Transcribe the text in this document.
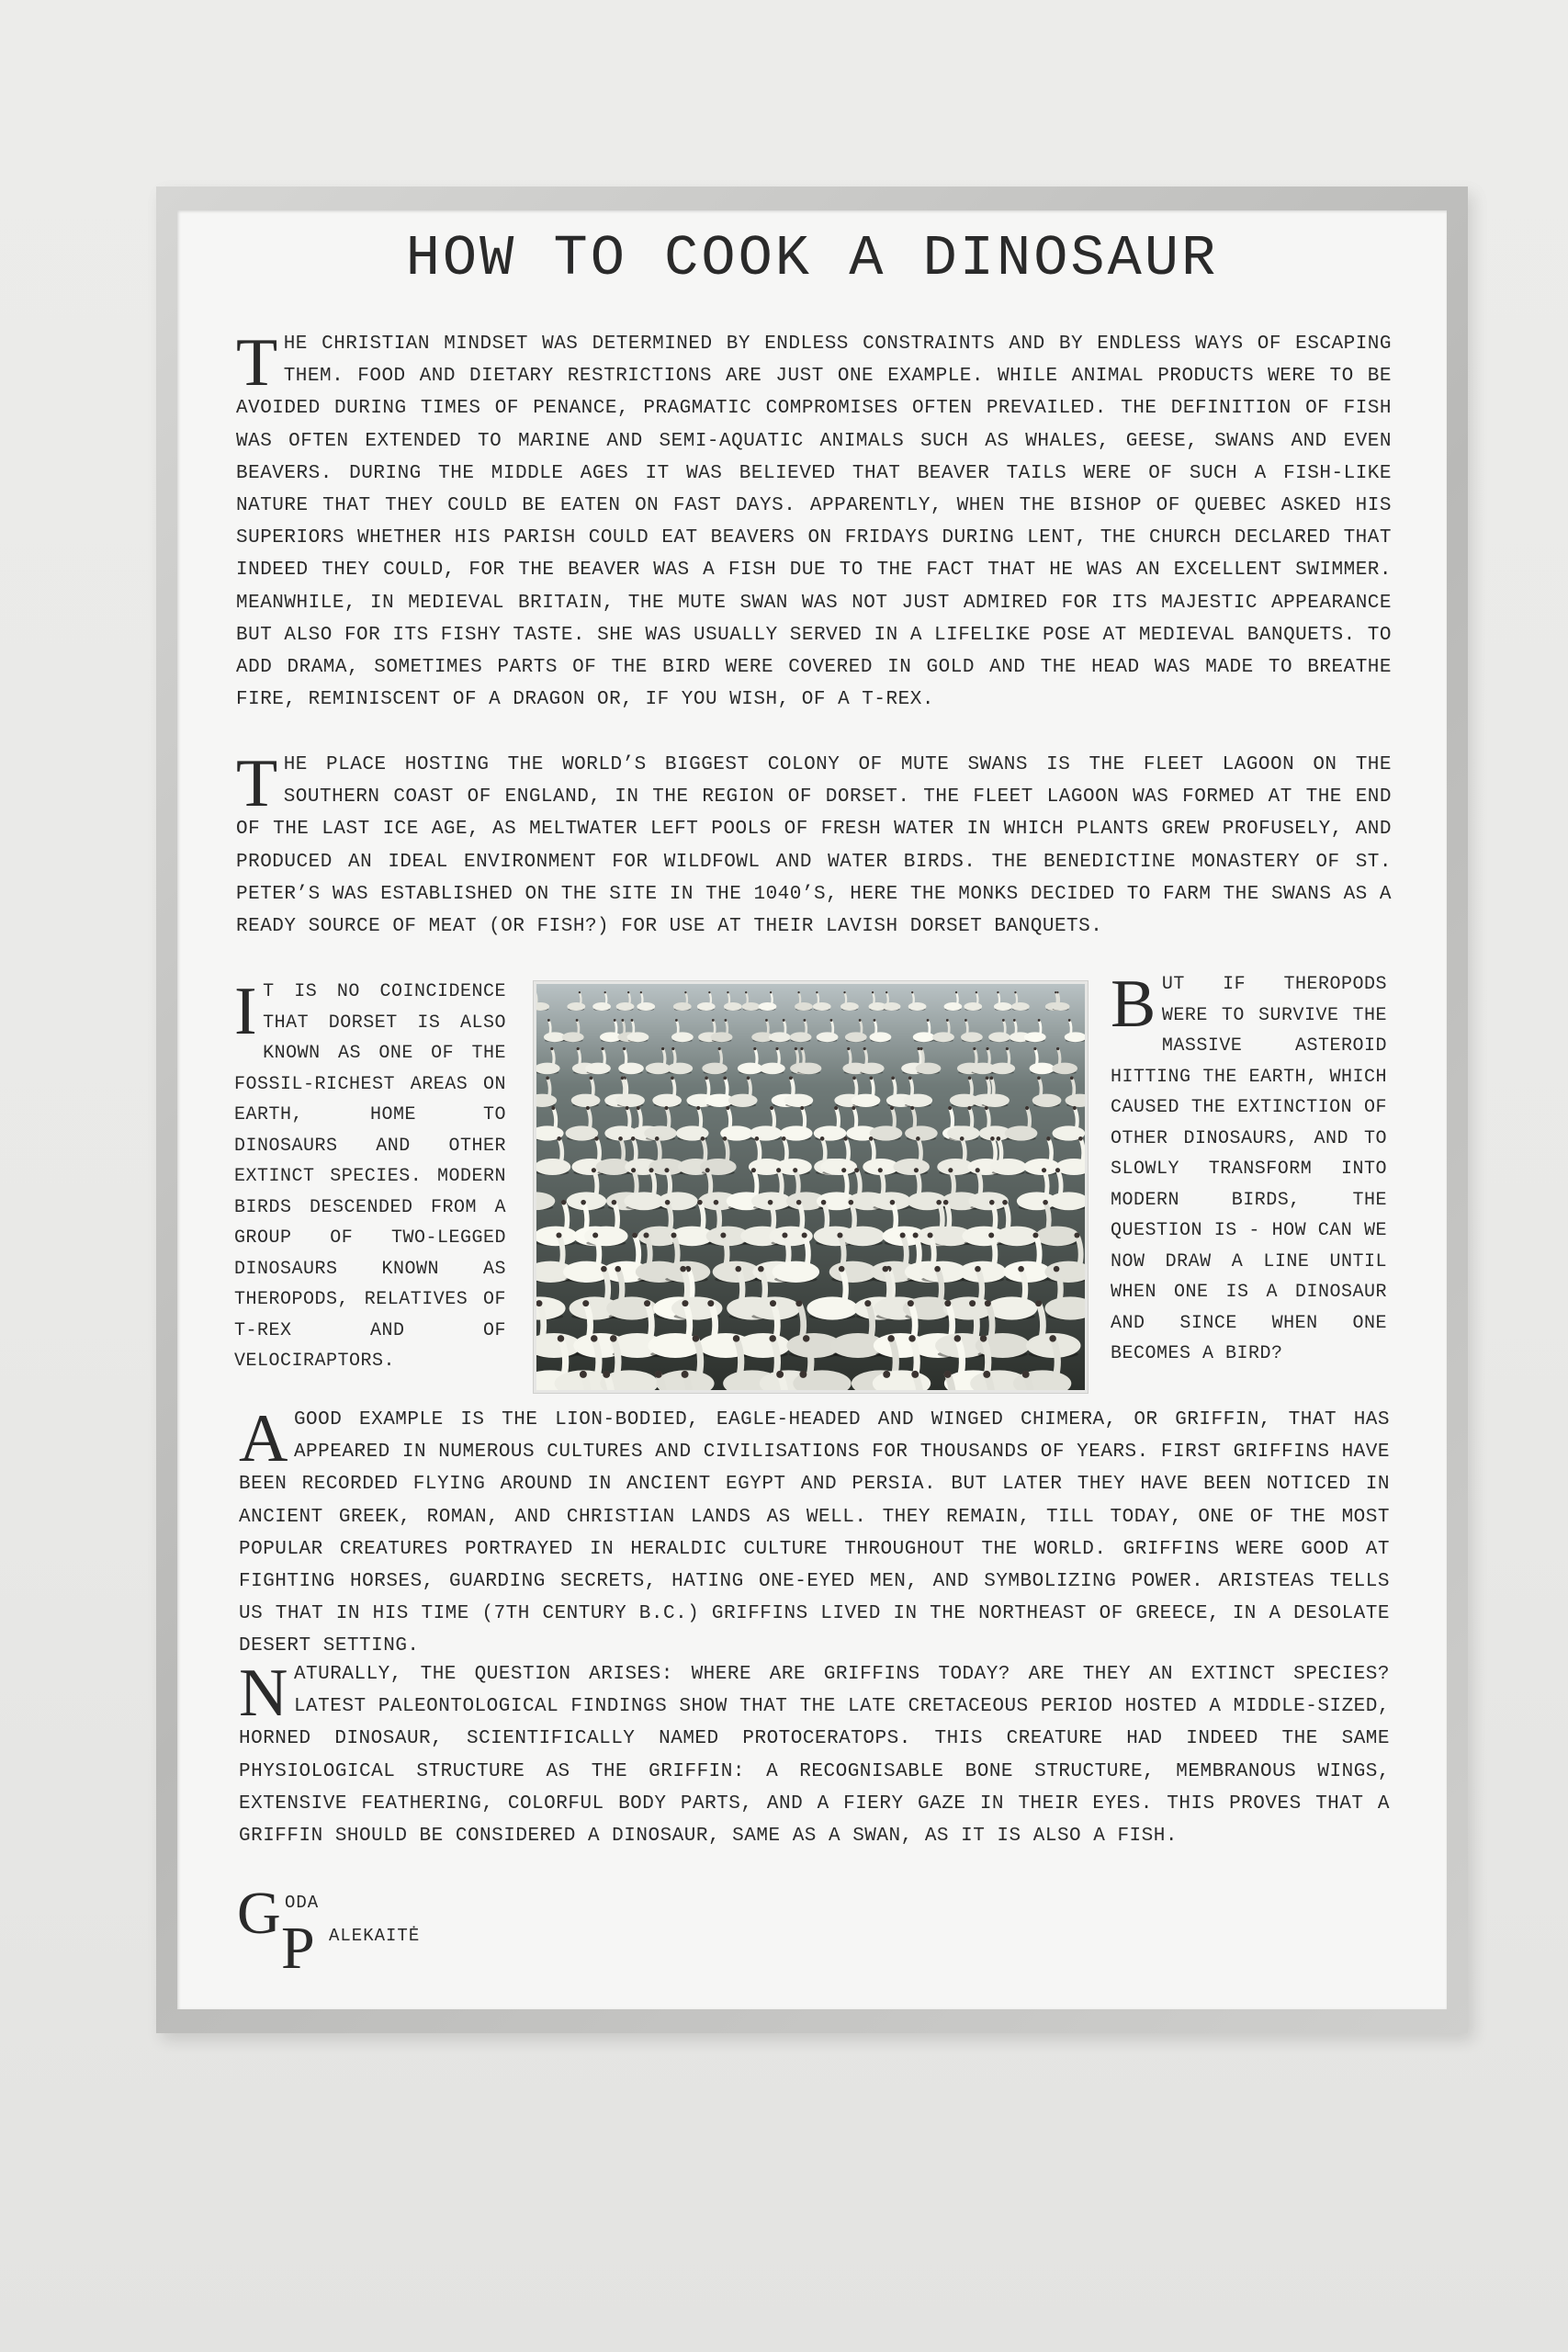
HOW TO COOK A DINOSAUR

THE CHRISTIAN MINDSET WAS DETERMINED BY ENDLESS CONSTRAINTS AND BY ENDLESS WAYS OF ESCAPING THEM. FOOD AND DIETARY RESTRICTIONS ARE JUST ONE EXAMPLE. WHILE ANIMAL PRODUCTS WERE TO BE AVOIDED DURING TIMES OF PENANCE, PRAGMATIC COMPROMISES OFTEN PREVAILED. THE DEFINITION OF FISH WAS OFTEN EXTENDED TO MARINE AND SEMI-AQUATIC ANIMALS SUCH AS WHALES, GEESE, SWANS AND EVEN BEAVERS. DURING THE MIDDLE AGES IT WAS BELIEVED THAT BEAVER TAILS WERE OF SUCH A FISH-LIKE NATURE THAT THEY COULD BE EATEN ON FAST DAYS. APPARENTLY, WHEN THE BISHOP OF QUEBEC ASKED HIS SUPERIORS WHETHER HIS PARISH COULD EAT BEAVERS ON FRIDAYS DURING LENT, THE CHURCH DECLARED THAT INDEED THEY COULD, FOR THE BEAVER WAS A FISH DUE TO THE FACT THAT HE WAS AN EXCELLENT SWIMMER. MEANWHILE, IN MEDIEVAL BRITAIN, THE MUTE SWAN WAS NOT JUST ADMIRED FOR ITS MAJESTIC APPEARANCE BUT ALSO FOR ITS FISHY TASTE. SHE WAS USUALLY SERVED IN A LIFELIKE POSE AT MEDIEVAL BANQUETS. TO ADD DRAMA, SOMETIMES PARTS OF THE BIRD WERE COVERED IN GOLD AND THE HEAD WAS MADE TO BREATHE FIRE, REMINISCENT OF A DRAGON OR, IF YOU WISH, OF A T-REX.

THE PLACE HOSTING THE WORLD’S BIGGEST COLONY OF MUTE SWANS IS THE FLEET LAGOON ON THE SOUTHERN COAST OF ENGLAND, IN THE REGION OF DORSET. THE FLEET LAGOON WAS FORMED AT THE END OF THE LAST ICE AGE, AS MELTWATER LEFT POOLS OF FRESH WATER IN WHICH PLANTS GREW PROFUSELY, AND PRODUCED AN IDEAL ENVIRONMENT FOR WILDFOWL AND WATER BIRDS. THE BENEDICTINE MONASTERY OF ST. PETER’S WAS ESTABLISHED ON THE SITE IN THE 1040’S, HERE THE MONKS DECIDED TO FARM THE SWANS AS A READY SOURCE OF MEAT (OR FISH?) FOR USE AT THEIR LAVISH DORSET BANQUETS.

I T IS NO COINCIDENCE THAT DORSET IS ALSO KNOWN AS ONE OF THE FOSSIL-RICHEST AREAS ON EARTH, HOME TO DINOSAURS AND OTHER EXTINCT SPECIES. MODERN BIRDS DESCENDED FROM A GROUP OF TWO-LEGGED DINOSAURS KNOWN AS THEROPODS, RELATIVES OF T-REX AND OF VELOCIRAPTORS.

BUT IF THEROPODS WERE TO SURVIVE THE MASSIVE ASTEROID HITTING THE EARTH, WHICH CAUSED THE EXTINCTION OF OTHER DINOSAURS, AND TO SLOWLY TRANSFORM INTO MODERN BIRDS, THE QUESTION IS - HOW CAN WE NOW DRAW A LINE UNTIL WHEN ONE IS A DINOSAUR AND SINCE WHEN ONE BECOMES A BIRD?

AGOOD EXAMPLE IS THE LION-BODIED, EAGLE-HEADED AND WINGED CHIMERA, OR GRIFFIN, THAT HAS APPEARED IN NUMEROUS CULTURES AND CIVILISATIONS FOR THOUSANDS OF YEARS. FIRST GRIFFINS HAVE BEEN RECORDED FLYING AROUND IN ANCIENT EGYPT AND PERSIA. BUT LATER THEY HAVE BEEN NOTICED IN ANCIENT GREEK, ROMAN, AND CHRISTIAN LANDS AS WELL. THEY REMAIN, TILL TODAY, ONE OF THE MOST POPULAR CREATURES PORTRAYED IN HERALDIC CULTURE THROUGHOUT THE WORLD. GRIFFINS WERE GOOD AT FIGHTING HORSES, GUARDING SECRETS, HATING ONE-EYED MEN, AND SYMBOLIZING POWER. ARISTEAS TELLS US THAT IN HIS TIME (7TH CENTURY B.C.) GRIFFINS LIVED IN THE NORTHEAST OF GREECE, IN A DESOLATE DESERT SETTING.

NATURALLY, THE QUESTION ARISES: WHERE ARE GRIFFINS TODAY? ARE THEY AN EXTINCT SPECIES? LATEST PALEONTOLOGICAL FINDINGS SHOW THAT THE LATE CRETACEOUS PERIOD HOSTED A MIDDLE-SIZED, HORNED DINOSAUR, SCIENTIFICALLY NAMED PROTOCERATOPS. THIS CREATURE HAD INDEED THE SAME PHYSIOLOGICAL STRUCTURE AS THE GRIFFIN: A RECOGNISABLE BONE STRUCTURE, MEMBRANOUS WINGS, EXTENSIVE FEATHERING, COLORFUL BODY PARTS, AND A FIERY GAZE IN THEIR EYES. THIS PROVES THAT A GRIFFIN SHOULD BE CONSIDERED A DINOSAUR, SAME AS A SWAN, AS IT IS ALSO A FISH.

G ODA
P ALEKAITĖ
